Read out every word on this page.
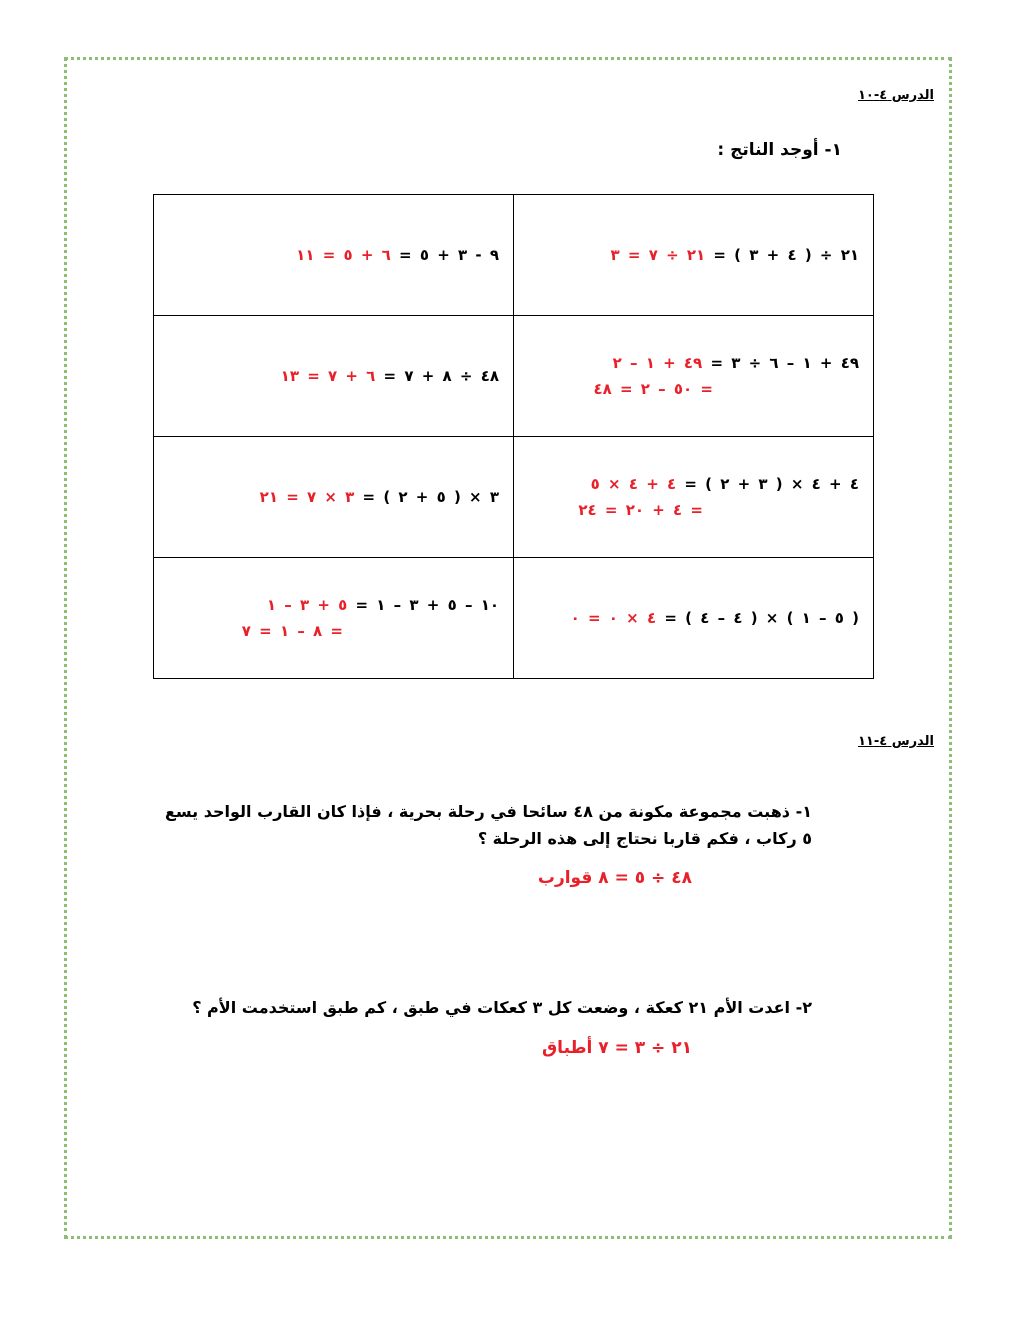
الدرس ٤-١٠
١- أوجد الناتج :
٩ - ٣ + ٥ = ٦ + ٥ = ١١	٢١ ÷ ( ٤ + ٣ ) = ٢١ ÷ ٧ = ٣

٤٨ ÷ ٨ + ٧ = ٦ + ٧ = ١٣	٤٩ + ١ – ٦ ÷ ٣ = ٤٩ + ١ – ٢
= ٥٠ – ٢ = ٤٨

٣ × ( ٥ + ٢ ) = ٣ × ٧ = ٢١	٤ + ٤ × ( ٣ + ٢ ) = ٤ + ٤ × ٥
= ٤ + ٢٠ = ٢٤

١٠ – ٥ + ٣ – ١ = ٥ + ٣ – ١
= ٨ – ١ = ٧	( ٥ – ١ ) × ( ٤ – ٤ ) = ٤ × ٠ = ٠
الدرس ٤-١١
١- ذهبت مجموعة مكونة من ٤٨ سائحا في رحلة بحرية ، فإذا كان القارب الواحد يسع
٥ ركاب ، فكم قاربا نحتاج إلى هذه الرحلة ؟
٤٨ ÷ ٥ = ٨ قوارب
٢- اعدت الأم ٢١ كعكة ، وضعت كل ٣ كعكات في طبق ، كم طبق استخدمت الأم ؟
٢١ ÷ ٣ = ٧ أطباق
